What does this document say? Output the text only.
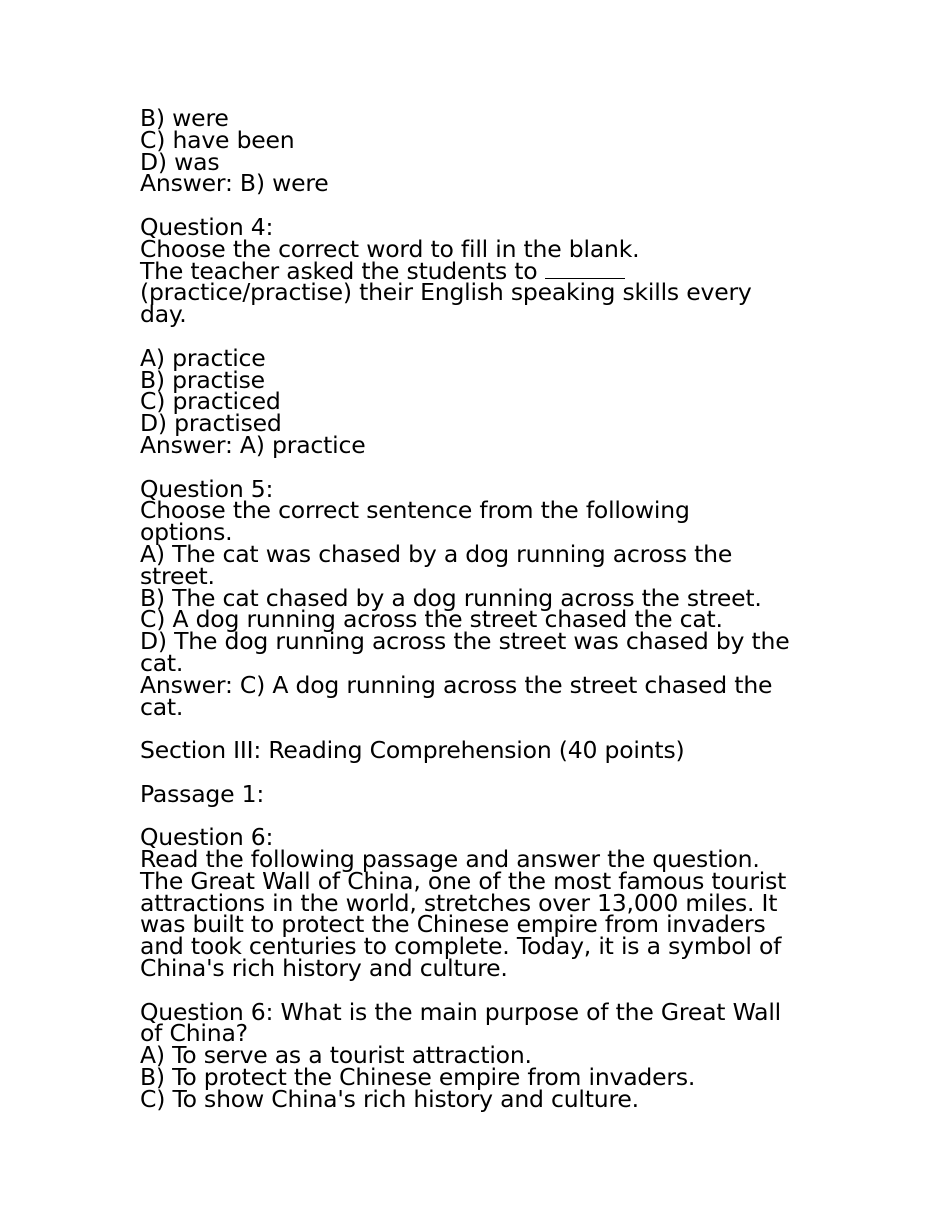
B) were
C) have been
D) was
Answer: B) were
Question 4:
Choose the correct word to fill in the blank.
The teacher asked the students to
(practice/practise) their English speaking skills every
day.
A) practice
B) practise
C) practiced
D) practised
Answer: A) practice
Question 5:
Choose the correct sentence from the following
options.
A) The cat was chased by a dog running across the
street.
B) The cat chased by a dog running across the street.
C) A dog running across the street chased the cat.
D) The dog running across the street was chased by the
cat.
Answer: C) A dog running across the street chased the
cat.
Section III: Reading Comprehension (40 points)
Passage 1:
Question 6:
Read the following passage and answer the question.
The Great Wall of China, one of the most famous tourist
attractions in the world, stretches over 13,000 miles. It
was built to protect the Chinese empire from invaders
and took centuries to complete. Today, it is a symbol of
China's rich history and culture.
Question 6: What is the main purpose of the Great Wall
of China?
A) To serve as a tourist attraction.
B) To protect the Chinese empire from invaders.
C) To show China's rich history and culture.
